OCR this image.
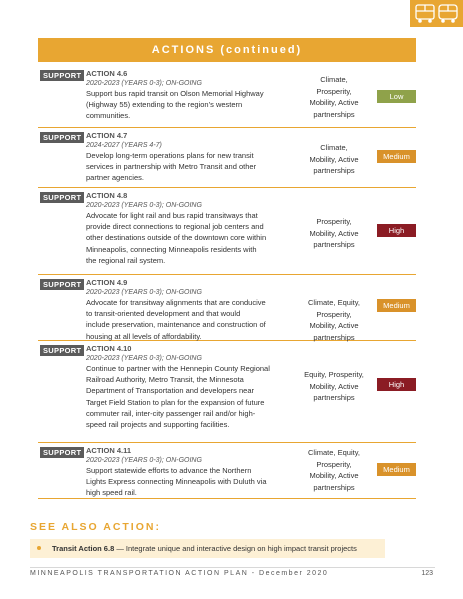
ACTIONS (continued)
SUPPORT ACTION 4.6
2020-2023 (YEARS 0-3); ON-GOING
Support bus rapid transit on Olson Memorial Highway
(Highway 55) extending to the region’s western
communities.
Climate,
Prosperity,
Mobility, Active
partnerships
Low
SUPPORT ACTION 4.7
2024-2027 (YEARS 4-7)
Develop long-term operations plans for new transit
services in partnership with Metro Transit and other
partner agencies.
Climate,
Mobility, Active
partnerships
Medium
SUPPORT ACTION 4.8
2020-2023 (YEARS 0-3); ON-GOING
Advocate for light rail and bus rapid transitways that
provide direct connections to regional job centers and
other destinations outside of the downtown core within
Minneapolis, connecting Minneapolis residents with
the regional rail system.
Prosperity,
Mobility, Active
partnerships
High
SUPPORT ACTION 4.9
2020-2023 (YEARS 0-3); ON-GOING
Advocate for transitway alignments that are conducive
to transit-oriented development and that would
include preservation, maintenance and construction of
housing at all levels of affordability.
Climate, Equity,
Prosperity,
Mobility, Active
partnerships
Medium
SUPPORT ACTION 4.10
2020-2023 (YEARS 0-3); ON-GOING
Continue to partner with the Hennepin County Regional
Railroad Authority, Metro Transit, the Minnesota
Department of Transportation and developers near
Target Field Station to plan for the expansion of future
commuter rail, inter-city passenger rail and/or high-
speed rail projects and supporting facilities.
Equity, Prosperity,
Mobility, Active
partnerships
High
SUPPORT ACTION 4.11
2020-2023 (YEARS 0-3); ON-GOING
Support statewide efforts to advance the Northern
Lights Express connecting Minneapolis with Duluth via
high speed rail.
Climate, Equity,
Prosperity,
Mobility, Active
partnerships
Medium
SEE ALSO ACTION:
Transit Action 6.8 — Integrate unique and interactive design on high impact transit projects
MINNEAPOLIS TRANSPORTATION ACTION PLAN - December 2020	123
